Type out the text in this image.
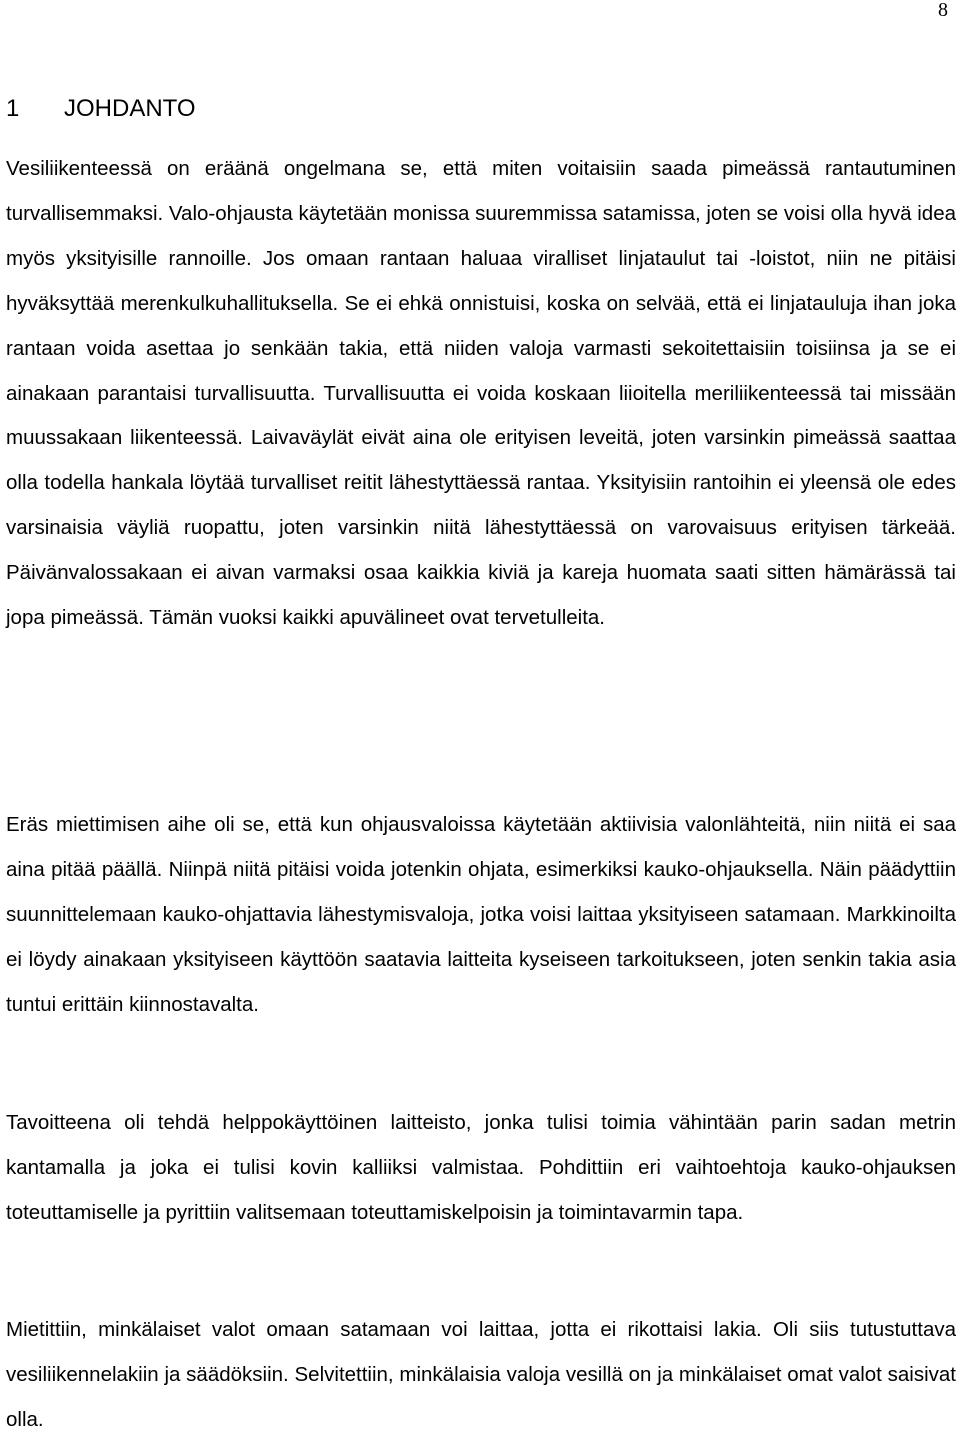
8
1 JOHDANTO

Vesiliikenteessä on eräänä ongelmana se, että miten voitaisiin saada pimeässä rantautuminen turvallisemmaksi. Valo-ohjausta käytetään monissa suuremmissa satamissa, joten se voisi olla hyvä idea myös yksityisille rannoille. Jos omaan rantaan haluaa viralliset linjataulut tai -loistot, niin ne pitäisi hyväksyttää merenkulkuhallituksella. Se ei ehkä onnistuisi, koska on selvää, että ei linjatauluja ihan joka rantaan voida asettaa jo senkään takia, että niiden valoja varmasti sekoitettaisiin toisiinsa ja se ei ainakaan parantaisi turvallisuutta. Turvallisuutta ei voida koskaan liioitella meriliikenteessä tai missään muussakaan liikenteessä. Laivaväylät eivät aina ole erityisen leveitä, joten varsinkin pimeässä saattaa olla todella hankala löytää turvalliset reitit lähestyttäessä rantaa. Yksityisiin rantoihin ei yleensä ole edes varsinaisia väyliä ruopattu, joten varsinkin niitä lähestyttäessä on varovaisuus erityisen tärkeää. Päivänvalossakaan ei aivan varmaksi osaa kaikkia kiviä ja kareja huomata saati sitten hämärässä tai jopa pimeässä. Tämän vuoksi kaikki apuvälineet ovat tervetulleita.

Eräs miettimisen aihe oli se, että kun ohjausvaloissa käytetään aktiivisia valonlähteitä, niin niitä ei saa aina pitää päällä. Niinpä niitä pitäisi voida jotenkin ohjata, esimerkiksi kauko-ohjauksella. Näin päädyttiin suunnittelemaan kauko-ohjattavia lähestymisvaloja, jotka voisi laittaa yksityiseen satamaan. Markkinoilta ei löydy ainakaan yksityiseen käyttöön saatavia laitteita kyseiseen tarkoitukseen, joten senkin takia asia tuntui erittäin kiinnostavalta.

Tavoitteena oli tehdä helppokäyttöinen laitteisto, jonka tulisi toimia vähintään parin sadan metrin kantamalla ja joka ei tulisi kovin kalliiksi valmistaa. Pohdittiin eri vaihtoehtoja kauko-ohjauksen toteuttamiselle ja pyrittiin valitsemaan toteuttamiskelpoisin ja toimintavarmin tapa.

Mietittiin, minkälaiset valot omaan satamaan voi laittaa, jotta ei rikottaisi lakia. Oli siis tutustuttava vesiliikennelakiin ja säädöksiin. Selvitettiin, minkälaisia valoja vesillä on ja minkälaiset omat valot saisivat olla.
